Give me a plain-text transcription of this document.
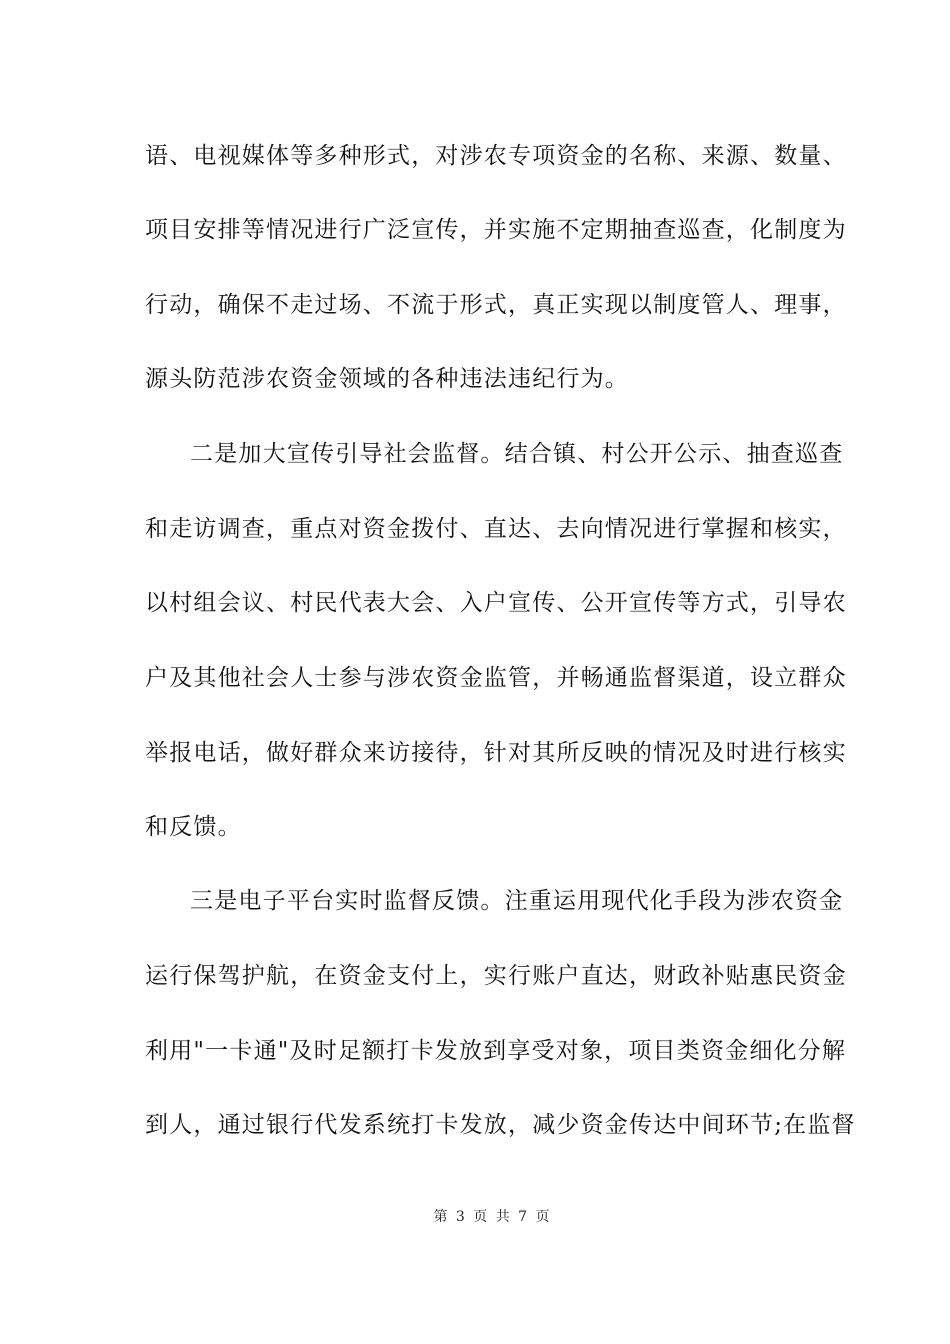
语、电视媒体等多种形式，对涉农专项资金的名称、来源、数量、
项目安排等情况进行广泛宣传，并实施不定期抽查巡查，化制度为
行动，确保不走过场、不流于形式，真正实现以制度管人、理事，
源头防范涉农资金领域的各种违法违纪行为。
二是加大宣传引导社会监督。结合镇、村公开公示、抽查巡查
和走访调查，重点对资金拨付、直达、去向情况进行掌握和核实，
以村组会议、村民代表大会、入户宣传、公开宣传等方式，引导农
户及其他社会人士参与涉农资金监管，并畅通监督渠道，设立群众
举报电话，做好群众来访接待，针对其所反映的情况及时进行核实
和反馈。
三是电子平台实时监督反馈。注重运用现代化手段为涉农资金
运行保驾护航，在资金支付上，实行账户直达，财政补贴惠民资金
利用"一卡通"及时足额打卡发放到享受对象，项目类资金细化分解
到人，通过银行代发系统打卡发放，减少资金传达中间环节;在监督
第 3 页 共 7 页
